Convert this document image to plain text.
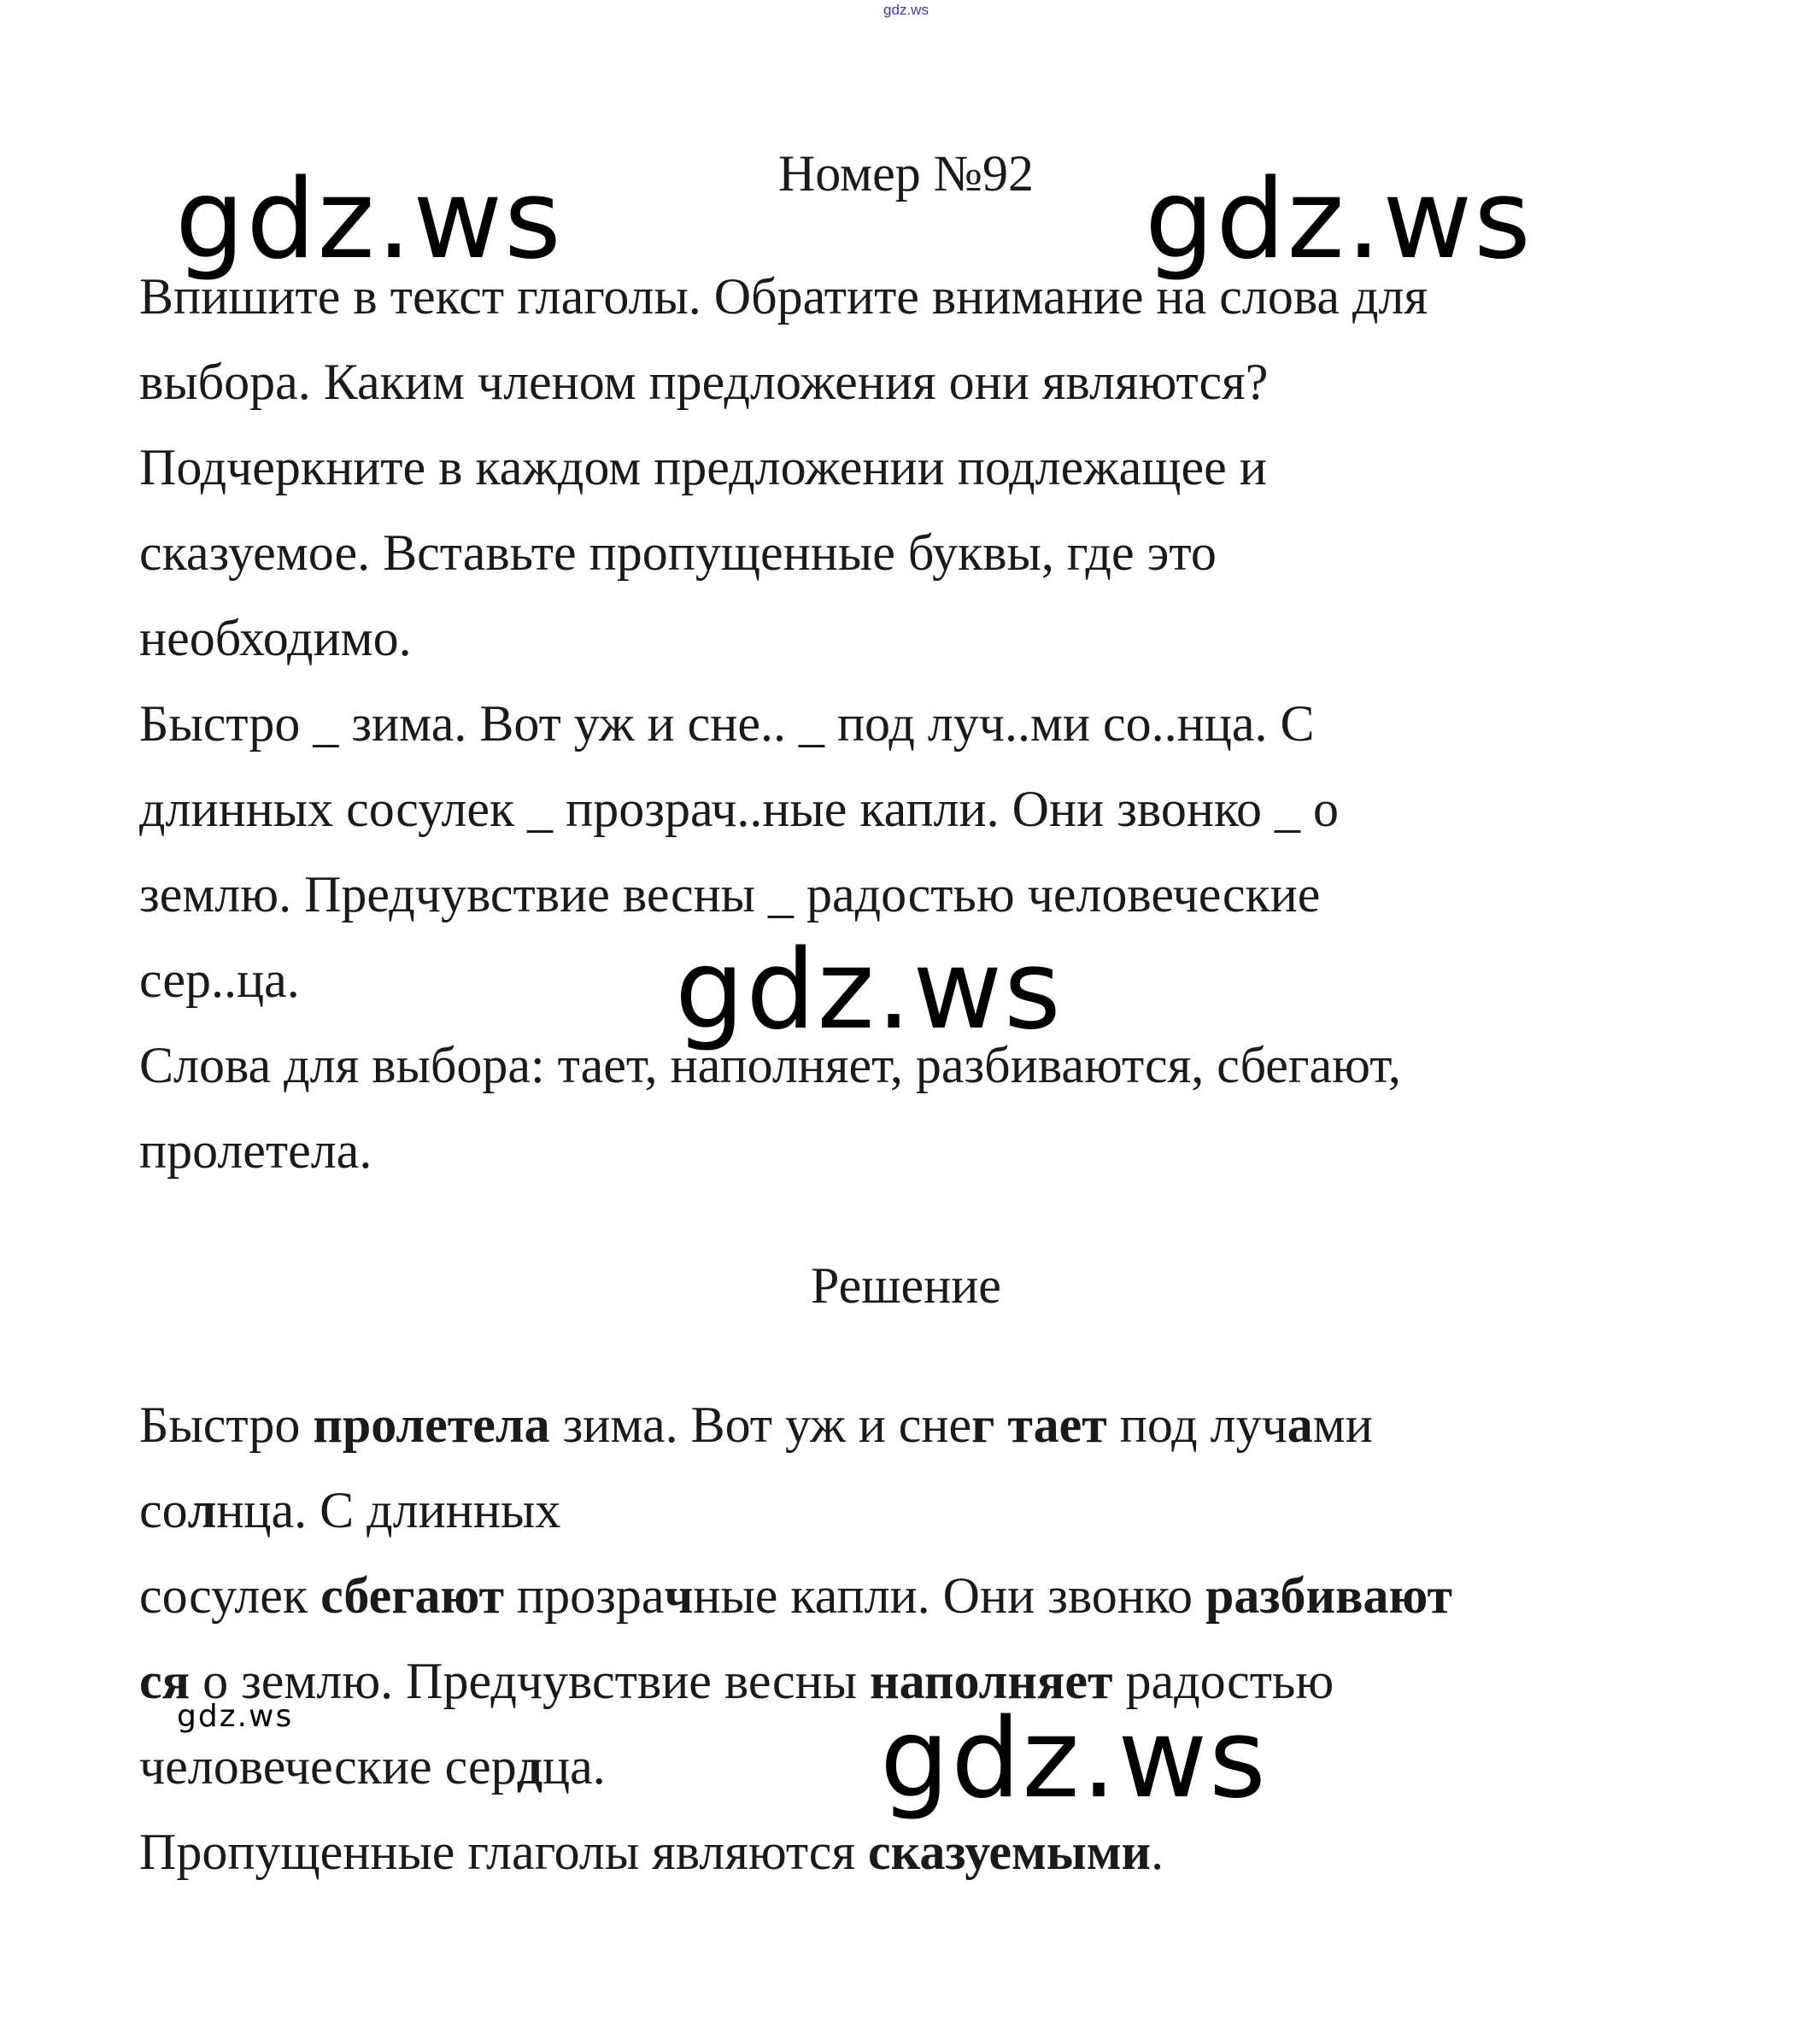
gdz.ws
Номер №92

Впишите в текст глаголы. Обратите внимание на слова для

выбора. Каким членом предложения они являются?

Подчеркните в каждом предложении подлежащее и

сказуемое. Вставьте пропущенные буквы, где это

необходимо.

Быстро _ зима. Вот уж и сне.. _ под луч..ми со..нца. С

длинных сосулек _ прозрач..ные капли. Они звонко _ о

землю. Предчувствие весны _ радостью человеческие

сер..ца.

Слова для выбора: тает, наполняет, разбиваются, сбегают,

пролетела.

Решение

Быстро пролетела зима. Вот уж и снег тает под лучами

солнца. С длинных

сосулек сбегают прозрачные капли. Они звонко разбивают

ся о землю. Предчувствие весны наполняет радостью

человеческие сердца.

Пропущенные глаголы являются сказуемыми.

gdz.ws	gdz.ws
gdz.ws
gdz.ws
gdz.ws
